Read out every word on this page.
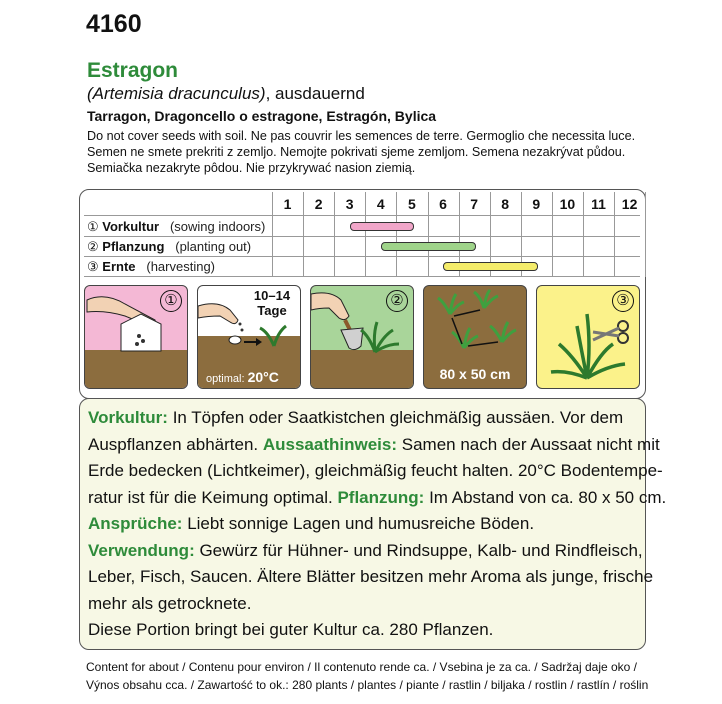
4160
Estragon
(Artemisia dracunculus), ausdauernd
Tarragon, Dragoncello o estragone, Estragón, Bylica
Do not cover seeds with soil. Ne pas couvrir les semences de terre. Germoglio che necessita luce.
Semen ne smete prekriti z zemljo. Nemojte pokrivati sjeme zemljom. Semena nezakrývat půdou.
Semiačka nezakryte pôdou. Nie przykrywać nasion ziemią.
1	2	3	4	5	6	7	8	9	10	11	12
① Vorkultur (sowing indoors)
② Pflanzung (planting out)
③ Ernte (harvesting)
①	10–14
Tage
optimal: 20°C
②
80 x 50 cm
③
Vorkultur: In Töpfen oder Saatkistchen gleichmäßig aussäen. Vor dem
Auspflanzen abhärten. Aussaathinweis: Samen nach der Aussaat nicht mit
Erde bedecken (Lichtkeimer), gleichmäßig feucht halten. 20°C Bodentempe-
ratur ist für die Keimung optimal. Pflanzung: Im Abstand von ca. 80 x 50 cm.
Ansprüche: Liebt sonnige Lagen und humusreiche Böden.
Verwendung: Gewürz für Hühner- und Rindsuppe, Kalb- und Rindfleisch,
Leber, Fisch, Saucen. Ältere Blätter besitzen mehr Aroma als junge, frische
mehr als getrocknete.
Diese Portion bringt bei guter Kultur ca. 280 Pflanzen.
Content for about / Contenu pour environ / Il contenuto rende ca. / Vsebina je za ca. / Sadržaj daje oko /
Výnos obsahu cca. / Zawartość to ok.: 280 plants / plantes / piante / rastlin / biljaka / rostlin / rastlín / roślin
